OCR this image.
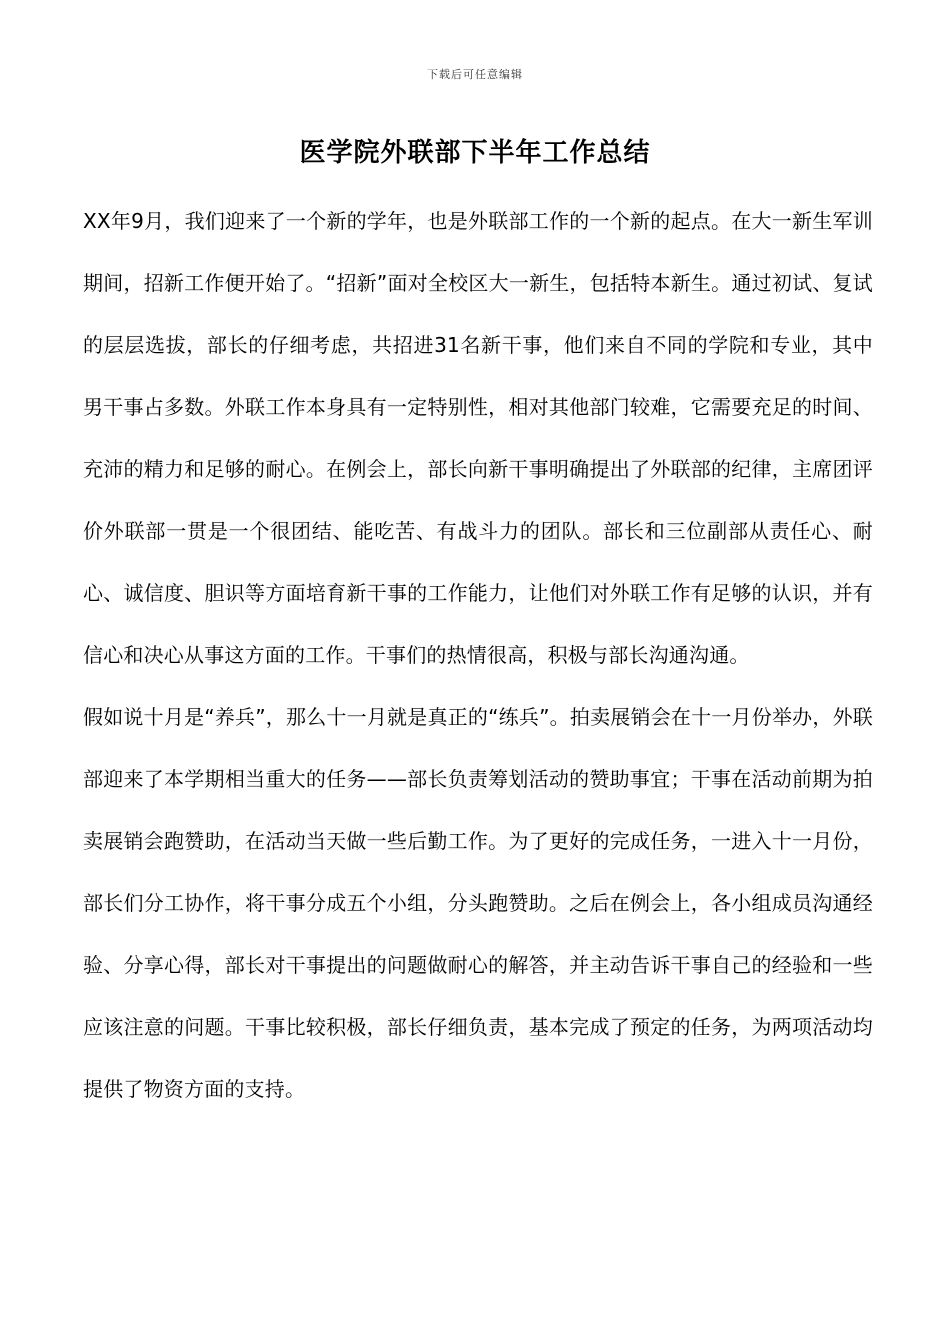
下载后可任意编辑
医学院外联部下半年工作总结

XX年9月，我们迎来了一个新的学年，也是外联部工作的一个新的起点。在大一新生军训期间，招新工作便开始了。“招新”面对全校区大一新生，包括特本新生。通过初试、复试的层层选拔，部长的仔细考虑，共招进31名新干事，他们来自不同的学院和专业，其中男干事占多数。外联工作本身具有一定特别性，相对其他部门较难，它需要充足的时间、充沛的精力和足够的耐心。在例会上，部长向新干事明确提出了外联部的纪律，主席团评价外联部一贯是一个很团结、能吃苦、有战斗力的团队。部长和三位副部从责任心、耐心、诚信度、胆识等方面培育新干事的工作能力，让他们对外联工作有足够的认识，并有信心和决心从事这方面的工作。干事们的热情很高，积极与部长沟通沟通。

假如说十月是“养兵”，那么十一月就是真正的“练兵”。拍卖展销会在十一月份举办，外联部迎来了本学期相当重大的任务——部长负责筹划活动的赞助事宜；干事在活动前期为拍卖展销会跑赞助，在活动当天做一些后勤工作。为了更好的完成任务，一进入十一月份，部长们分工协作，将干事分成五个小组，分头跑赞助。之后在例会上，各小组成员沟通经验、分享心得，部长对干事提出的问题做耐心的解答，并主动告诉干事自己的经验和一些应该注意的问题。干事比较积极，部长仔细负责，基本完成了预定的任务，为两项活动均提供了物资方面的支持。
